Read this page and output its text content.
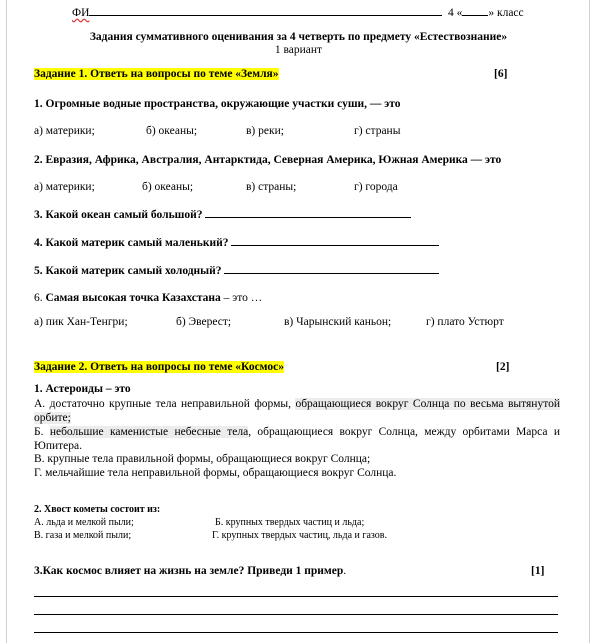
ФИ	4 « » класс
Задания суммативного оценивания за 4 четверть по предмету «Естествознание»
1 вариант
Задание 1. Ответь на вопросы по теме «Земля»	[6]
1. Огромные водные пространства, окружающие участки суши, — это
а) материки;	б) океаны;	в) реки;	г) страны
2. Евразия, Африка, Австралия, Антарктида, Северная Америка, Южная Америка — это
а) материки;	б) океаны;	в) страны;	г) города
3. Какой океан самый большой?
4. Какой материк самый маленький?
5. Какой материк самый холодный?
6. Самая высокая точка Казахстана – это …
а) пик Хан-Тенгри;	б) Эверест;	в) Чарынский каньон;	г) плато Устюрт
Задание 2. Ответь на вопросы по теме «Космос»	[2]
1. Астероиды – это
А. достаточно крупные тела неправильной формы, обращающиеся вокруг Солнца по весьма вытянутой орбите;
Б. небольшие каменистые небесные тела, обращающиеся вокруг Солнца, между орбитами Марса и Юпитера.
В. крупные тела правильной формы, обращающиеся вокруг Солнца;
Г. мельчайшие тела неправильной формы, обращающиеся вокруг Солнца.
2. Хвост кометы состоит из:
А. льда и мелкой пыли;	Б. крупных твердых частиц и льда;
В. газа и мелкой пыли;	Г. крупных твердых частиц, льда и газов.
3.Как космос влияет на жизнь на земле? Приведи 1 пример.	[1]
